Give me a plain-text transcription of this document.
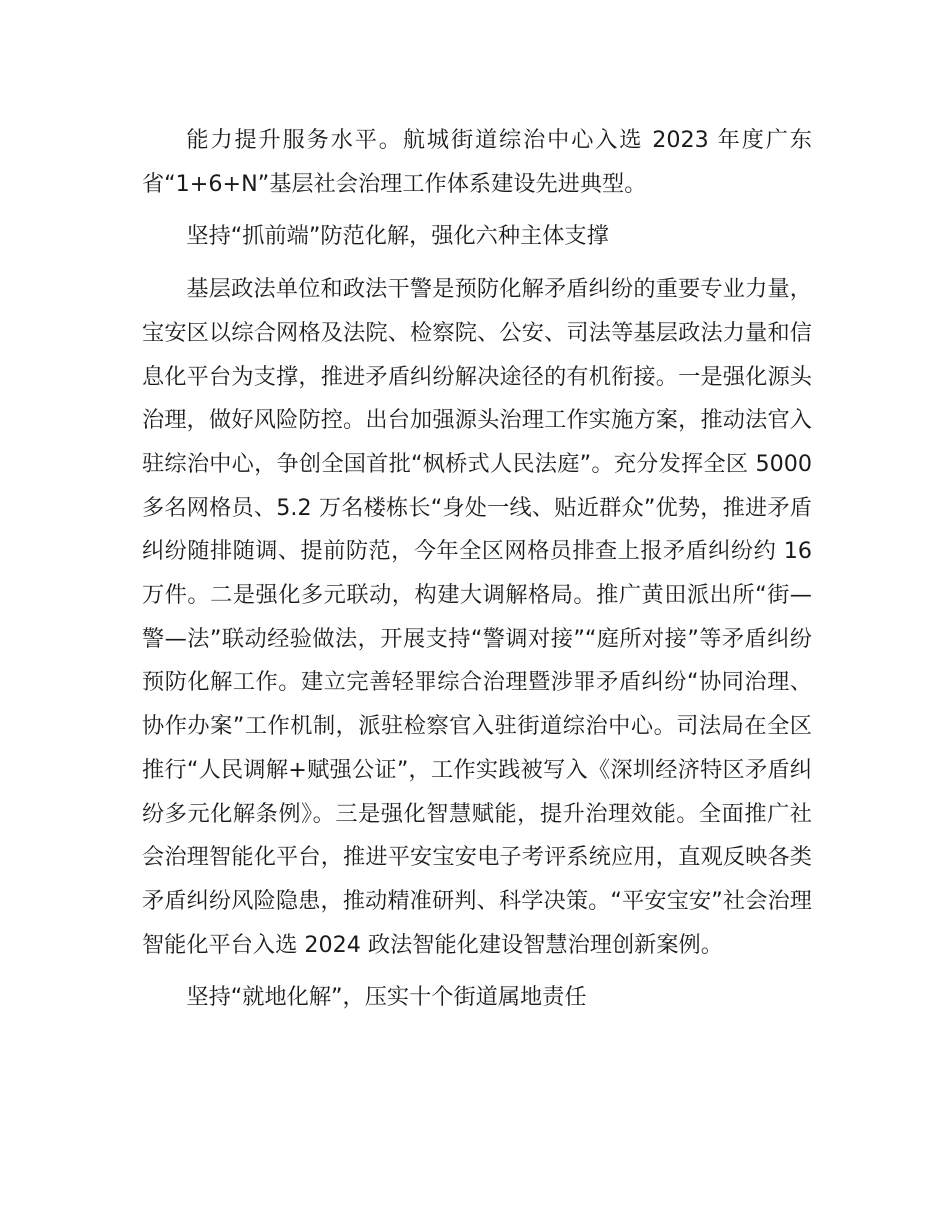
能力提升服务水平。航城街道综治中心入选 2023 年度广东省“1+6+N”基层社会治理工作体系建设先进典型。

坚持“抓前端”防范化解，强化六种主体支撑

基层政法单位和政法干警是预防化解矛盾纠纷的重要专业力量，宝安区以综合网格及法院、检察院、公安、司法等基层政法力量和信息化平台为支撑，推进矛盾纠纷解决途径的有机衔接。一是强化源头治理，做好风险防控。出台加强源头治理工作实施方案，推动法官入驻综治中心，争创全国首批“枫桥式人民法庭”。充分发挥全区 5000 多名网格员、5.2 万名楼栋长“身处一线、贴近群众”优势，推进矛盾纠纷随排随调、提前防范，今年全区网格员排查上报矛盾纠纷约 16 万件。二是强化多元联动，构建大调解格局。推广黄田派出所“街—警—法”联动经验做法，开展支持“警调对接”“庭所对接”等矛盾纠纷预防化解工作。建立完善轻罪综合治理暨涉罪矛盾纠纷“协同治理、协作办案”工作机制，派驻检察官入驻街道综治中心。司法局在全区推行“人民调解+赋强公证”，工作实践被写入《深圳经济特区矛盾纠纷多元化解条例》。三是强化智慧赋能，提升治理效能。全面推广社会治理智能化平台，推进平安宝安电子考评系统应用，直观反映各类矛盾纠纷风险隐患，推动精准研判、科学决策。“平安宝安”社会治理智能化平台入选 2024 政法智能化建设智慧治理创新案例。

坚持“就地化解”，压实十个街道属地责任
